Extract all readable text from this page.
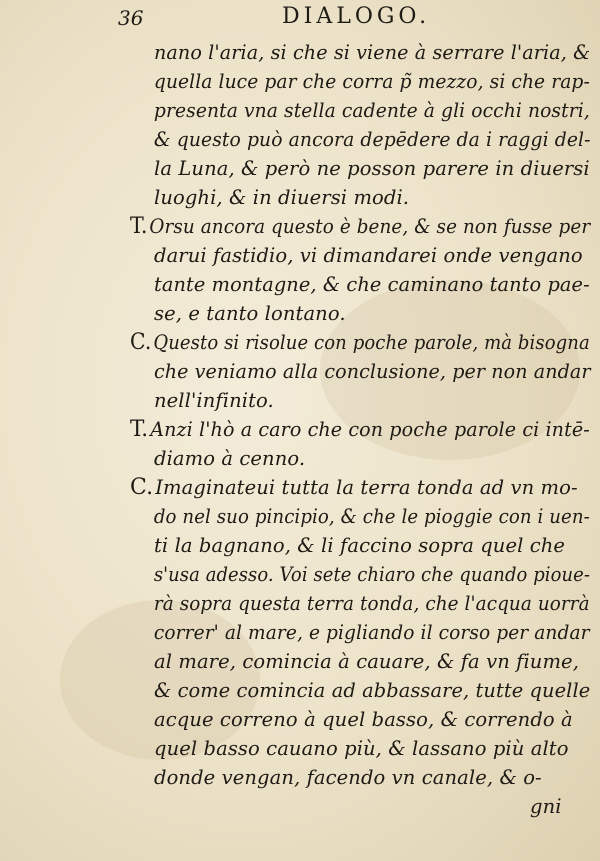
36	DIALOGO.
nano l'aria, si che si viene à serrare l'aria, &
quella luce par che corra p̃ mezzo, si che rap-
presenta vna stella cadente à gli occhi nostri,
& questo può ancora depēdere da i raggi del-
la Luna, & però ne posson parere in diuersi
luoghi, & in diuersi modi.
T.Orsu ancora questo è bene, & se non fusse per
darui fastidio, vi dimandarei onde vengano
tante montagne, & che caminano tanto pae-
se, e tanto lontano.
C.Questo si risolue con poche parole, mà bisogna
che veniamo alla conclusione, per non andar
nell'infinito.
T. Anzi l'hò a caro che con poche parole ci intē-
diamo à cenno.
C. Imaginateui tutta la terra tonda ad vn mo-
do nel suo pincipio, & che le pioggie con i uen-
ti la bagnano, & li faccino sopra quel che
s'usa adesso. Voi sete chiaro che quando pioue-
rà sopra questa terra tonda, che l'acqua uorrà
correr' al mare, e pigliando il corso per andar
al mare, comincia à cauare, & fa vn fiume,
& come comincia ad abbassare, tutte quelle
acque correno à quel basso, & correndo à
quel basso cauano più, & lassano più alto
donde vengan, facendo vn canale, & o-
gni
